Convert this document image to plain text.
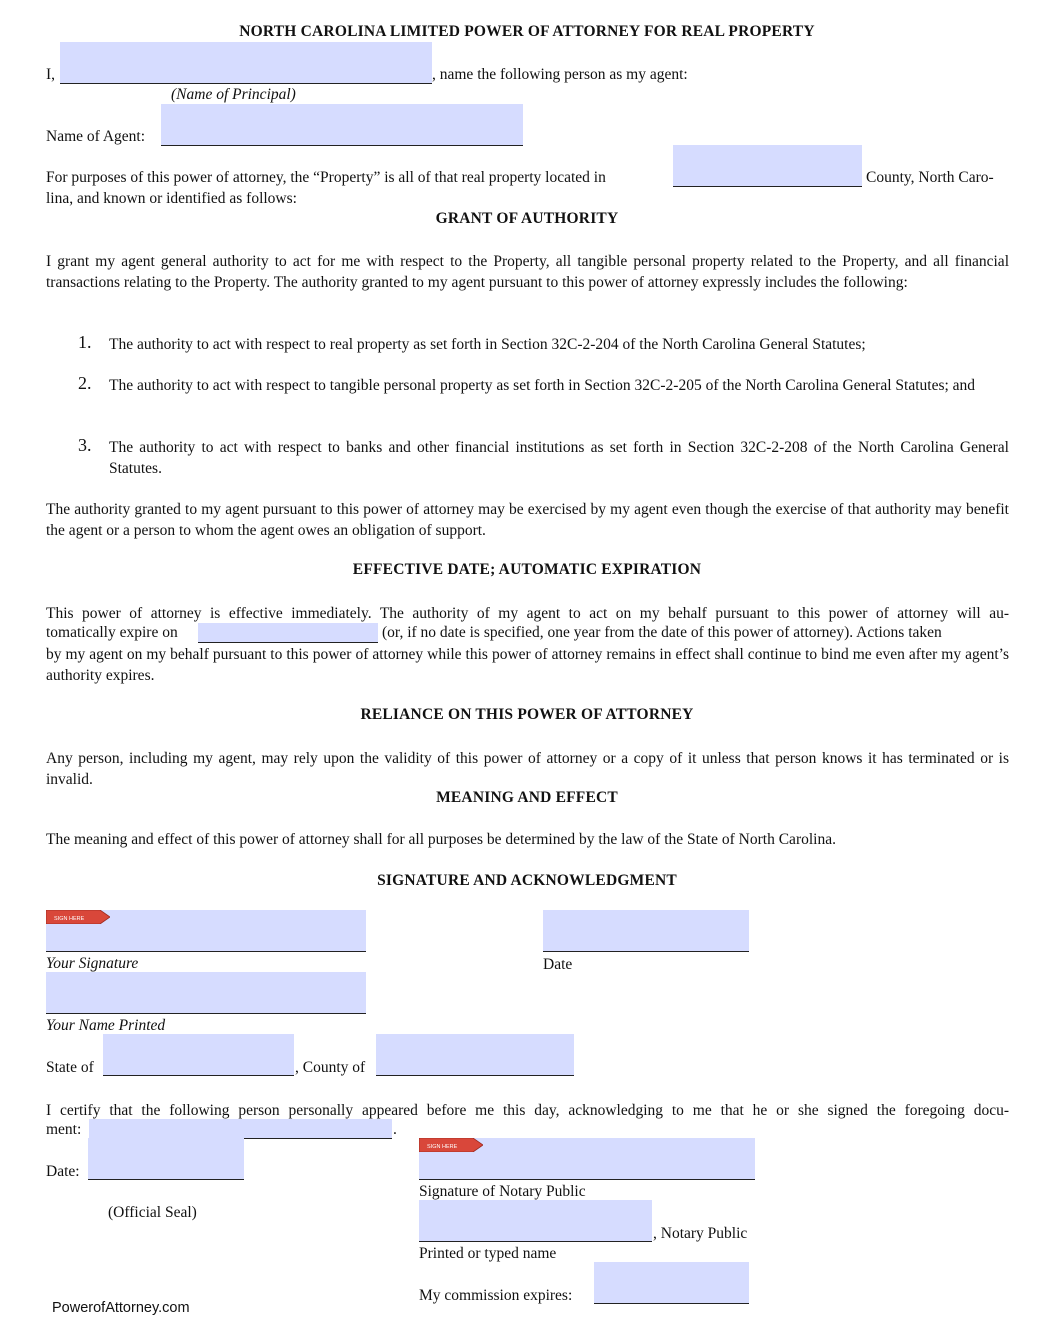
NORTH CAROLINA LIMITED POWER OF ATTORNEY FOR REAL PROPERTY
I,	, name the following person as my agent:
(Name of Principal)
Name of Agent:
For purposes of this power of attorney, the “Property” is all of that real property located in	County, North Caro-
lina, and known or identified as follows:
GRANT OF AUTHORITY
I grant my agent general authority to act for me with respect to the Property, all tangible personal property related to the Property, and all financial transactions relating to the Property. The authority granted to my agent pursuant to this power of attorney expressly includes the following:
1. The authority to act with respect to real property as set forth in Section 32C-2-204 of the North Carolina General Statutes;
2. The authority to act with respect to tangible personal property as set forth in Section 32C-2-205 of the North Carolina General Statutes; and
3. The authority to act with respect to banks and other financial institutions as set forth in Section 32C-2-208 of the North Carolina General Statutes.
The authority granted to my agent pursuant to this power of attorney may be exercised by my agent even though the exercise of that authority may benefit the agent or a person to whom the agent owes an obligation of support.
EFFECTIVE DATE; AUTOMATIC EXPIRATION
This power of attorney is effective immediately. The authority of my agent to act on my behalf pursuant to this power of attorney will au-
tomatically expire on	(or, if no date is specified, one year from the date of this power of attorney). Actions taken
by my agent on my behalf pursuant to this power of attorney while this power of attorney remains in effect shall continue to bind me even after my agent’s authority expires.
RELIANCE ON THIS POWER OF ATTORNEY
Any person, including my agent, may rely upon the validity of this power of attorney or a copy of it unless that person knows it has terminated or is invalid.
MEANING AND EFFECT
The meaning and effect of this power of attorney shall for all purposes be determined by the law of the State of North Carolina.
SIGNATURE AND ACKNOWLEDGMENT
SIGN HERE
Your Signature	Date
Your Name Printed
State of	, County of
I certify that the following person personally appeared before me this day, acknowledging to me that he or she signed the foregoing docu-
ment:	.
Date:
SIGN HERE
Signature of Notary Public
(Official Seal)
, Notary Public
Printed or typed name
My commission expires:
PowerofAttorney.com
